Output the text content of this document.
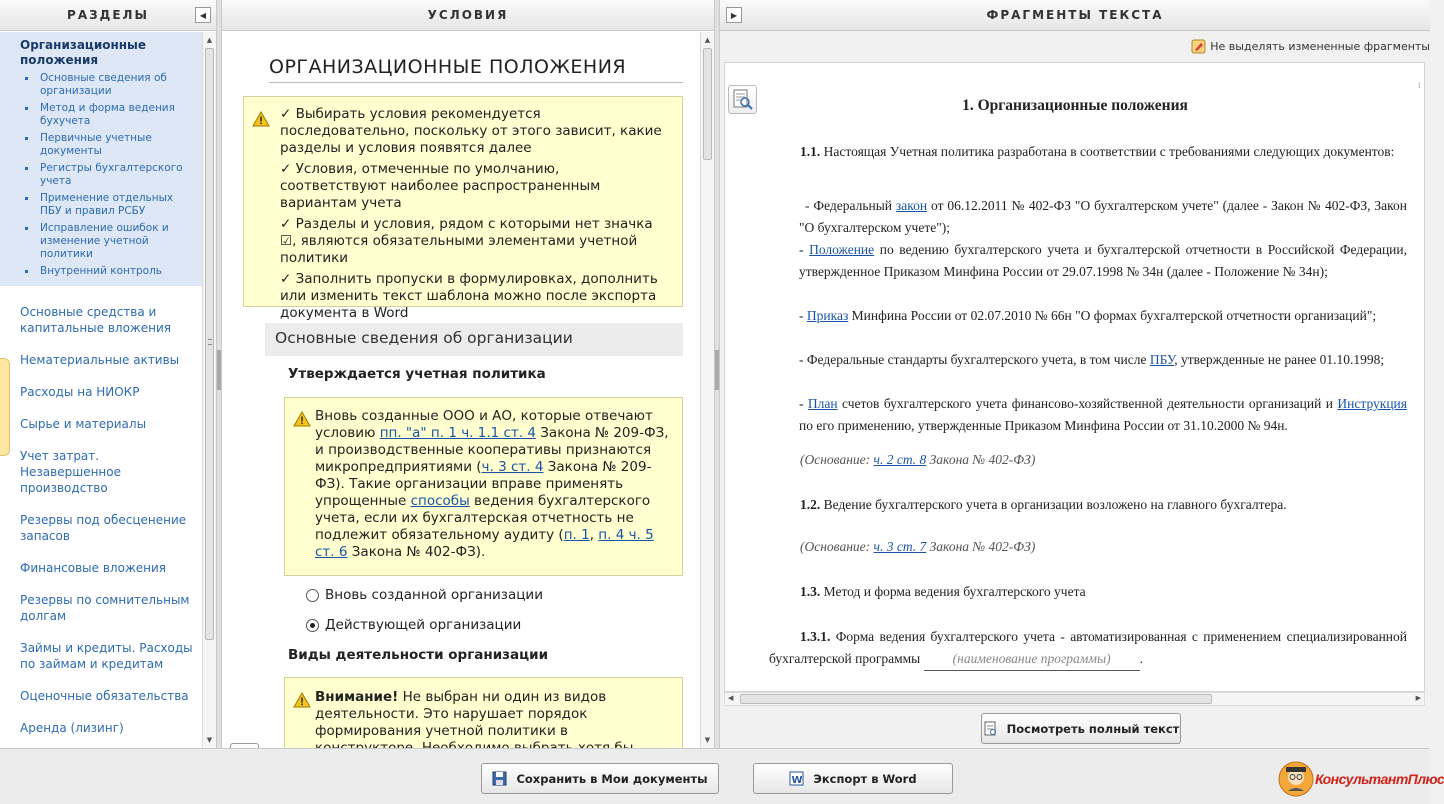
РАЗДЕЛЫ	◀
Организационные положения
Основные сведения об организации
Метод и форма ведения бухучета
Первичные учетные документы
Регистры бухгалтерского учета
Применение отдельных ПБУ и правил РСБУ
Исправление ошибок и изменение учетной политики
Внутренний контроль
Основные средства и капитальные вложения
Нематериальные активы
Расходы на НИОКР
Сырье и материалы
Учет затрат. Незавершенное производство
Резервы под обесценение запасов
Финансовые вложения
Резервы по сомнительным долгам
Займы и кредиты. Расходы по займам и кредитам
Оценочные обязательства
Аренда (лизинг)
▲
▼
УСЛОВИЯ
ОРГАНИЗАЦИОННЫЕ ПОЛОЖЕНИЯ
✓ Выбирать условия рекомендуется последовательно, поскольку от этого зависит, какие разделы и условия появятся далее
✓ Условия, отмеченные по умолчанию, соответствуют наиболее распространенным вариантам учета
✓ Разделы и условия, рядом с которыми нет значка ☑, являются обязательными элементами учетной политики
✓ Заполнить пропуски в формулировках, дополнить или изменить текст шаблона можно после экспорта документа в Word
Основные сведения об организации
Утверждается учетная политика
Вновь созданные ООО и АО, которые отвечают условию пп. "а" п. 1 ч. 1.1 ст. 4 Закона № 209-ФЗ, и производственные кооперативы признаются микропредприятиями (ч. 3 ст. 4 Закона № 209-ФЗ). Такие организации вправе применять упрощенные способы ведения бухгалтерского учета, если их бухгалтерская отчетность не подлежит обязательному аудиту (п. 1, п. 4 ч. 5 ст. 6 Закона № 402-ФЗ).
Вновь созданной организации
Действующей организации
Виды деятельности организации
Внимание! Не выбран ни один из видов деятельности. Это нарушает порядок формирования учетной политики в
▲
▼
▶	ФРАГМЕНТЫ ТЕКСТА
Не выделять измененные фрагменты
1. Организационные положения

1.1. Настоящая Учетная политика разработана в соответствии с требованиями следующих документов:

- Федеральный закон от 06.12.2011 № 402-ФЗ "О бухгалтерском учете" (далее - Закон № 402-ФЗ, Закон "О бухгалтерском учете");

- Положение по ведению бухгалтерского учета и бухгалтерской отчетности в Российской Федерации, утвержденное Приказом Минфина России от 29.07.1998 № 34н (далее - Положение № 34н);

- Приказ Минфина России от 02.07.2010 № 66н "О формах бухгалтерской отчетности организаций";

- Федеральные стандарты бухгалтерского учета, в том числе ПБУ, утвержденные не ранее 01.10.1998;

- План счетов бухгалтерского учета финансово-хозяйственной деятельности организаций и Инструкция по его применению, утвержденные Приказом Минфина России от 31.10.2000 № 94н.

(Основание: ч. 2 ст. 8 Закона № 402-ФЗ)

1.2. Ведение бухгалтерского учета в организации возложено на главного бухгалтера.

(Основание: ч. 3 ст. 7 Закона № 402-ФЗ)

1.3. Метод и форма ведения бухгалтерского учета

1.3.1. Форма ведения бухгалтерского учета - автоматизированная с применением специализированной бухгалтерской программы (наименование программы) .

⁝
◀	▶
Посмотреть полный текст
Сохранить в Мои документы	W Экспорт в Word	КонсультантПлюс
